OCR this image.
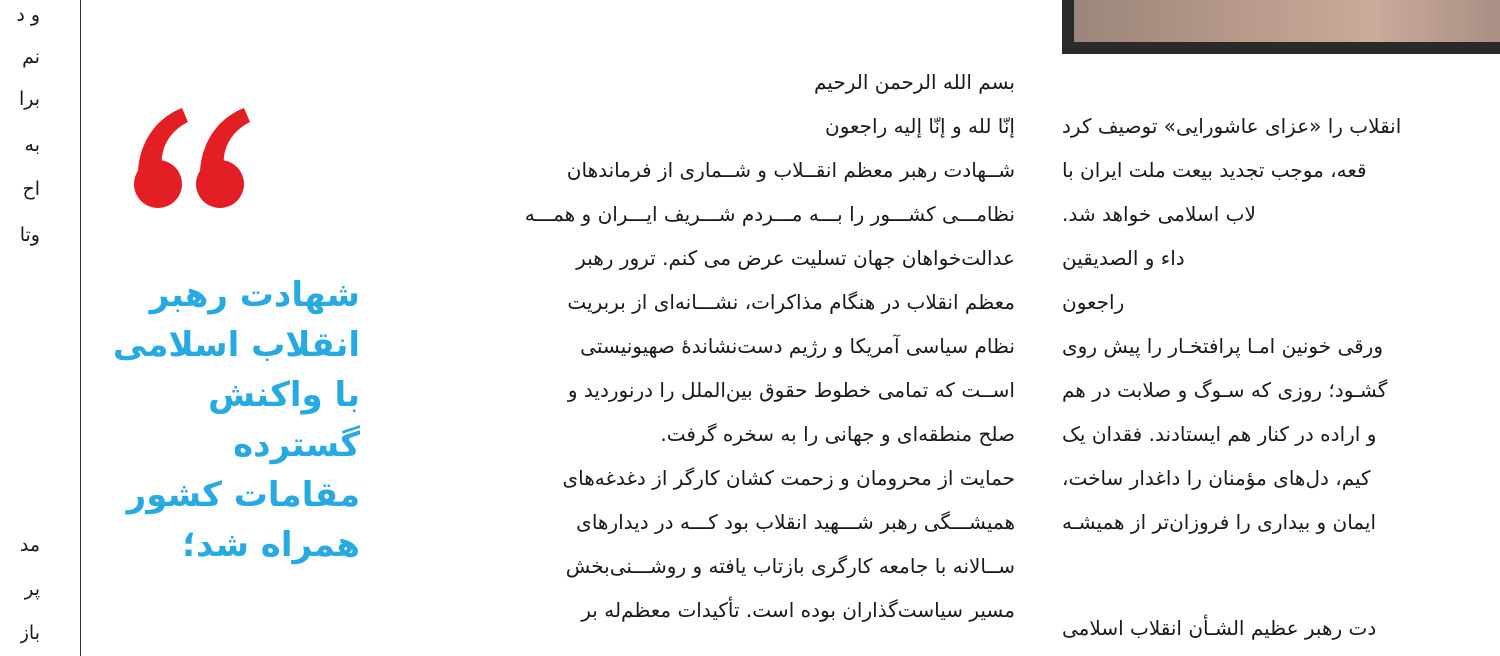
و د
نم
برا
به
اح
وتا
مد
پر
باز
شهادت رهبر
انقلاب اسلامی
با واکنش
گسترده
مقامات کشور
همراه شد؛
بسم الله الرحمن الرحیم
إنّا لله و إنّا إلیه راجعون
شــهادت رهبر معظم انقــلاب و شــماری از فرماندهان
نظامـــی کشـــور را بـــه مـــردم شـــریف ایـــران و همـــه
عدالت‌خواهان جهان تسلیت عرض می کنم. ترور رهبر
معظم انقلاب در هنگام مذاکرات، نشـــانه‌ای از بربریت
نظام سیاسی آمریکا و رژیم دست‌نشاندهٔ صهیونیستی
اســت که تمامی خطوط حقوق بین‌الملل را درنوردید و
صلح منطقه‌ای و جهانی را به سخره گرفت.
حمایت از محرومان و زحمت کشان کارگر از دغدغه‌های
همیشـــگی رهبر شـــهید انقلاب بود کـــه در دیدارهای
ســالانه با جامعه کارگری بازتاب یافته و روشـــنی‌بخش
مسیر سیاست‌گذاران بوده است. تأکیدات معظم‌له بر
انقلاب را «عزای عاشورایی» توصیف کرد
قعه، موجب تجدید بیعت ملت ایران با
لاب اسلامی خواهد شد.
داء و الصدیقین
راجعون
ورقی خونین امـا پرافتخـار را پیش روی
گشـود؛ روزی که سـوگ و صلابت در هم
و اراده در کنار هم ایستادند. فقدان یک
کیم، دل‌های مؤمنان را داغدار ساخت،
ایمان و بیداری را فروزان‌تر از همیشـه
دت رهبر عظیم الشـأن انقلاب اسلامی
